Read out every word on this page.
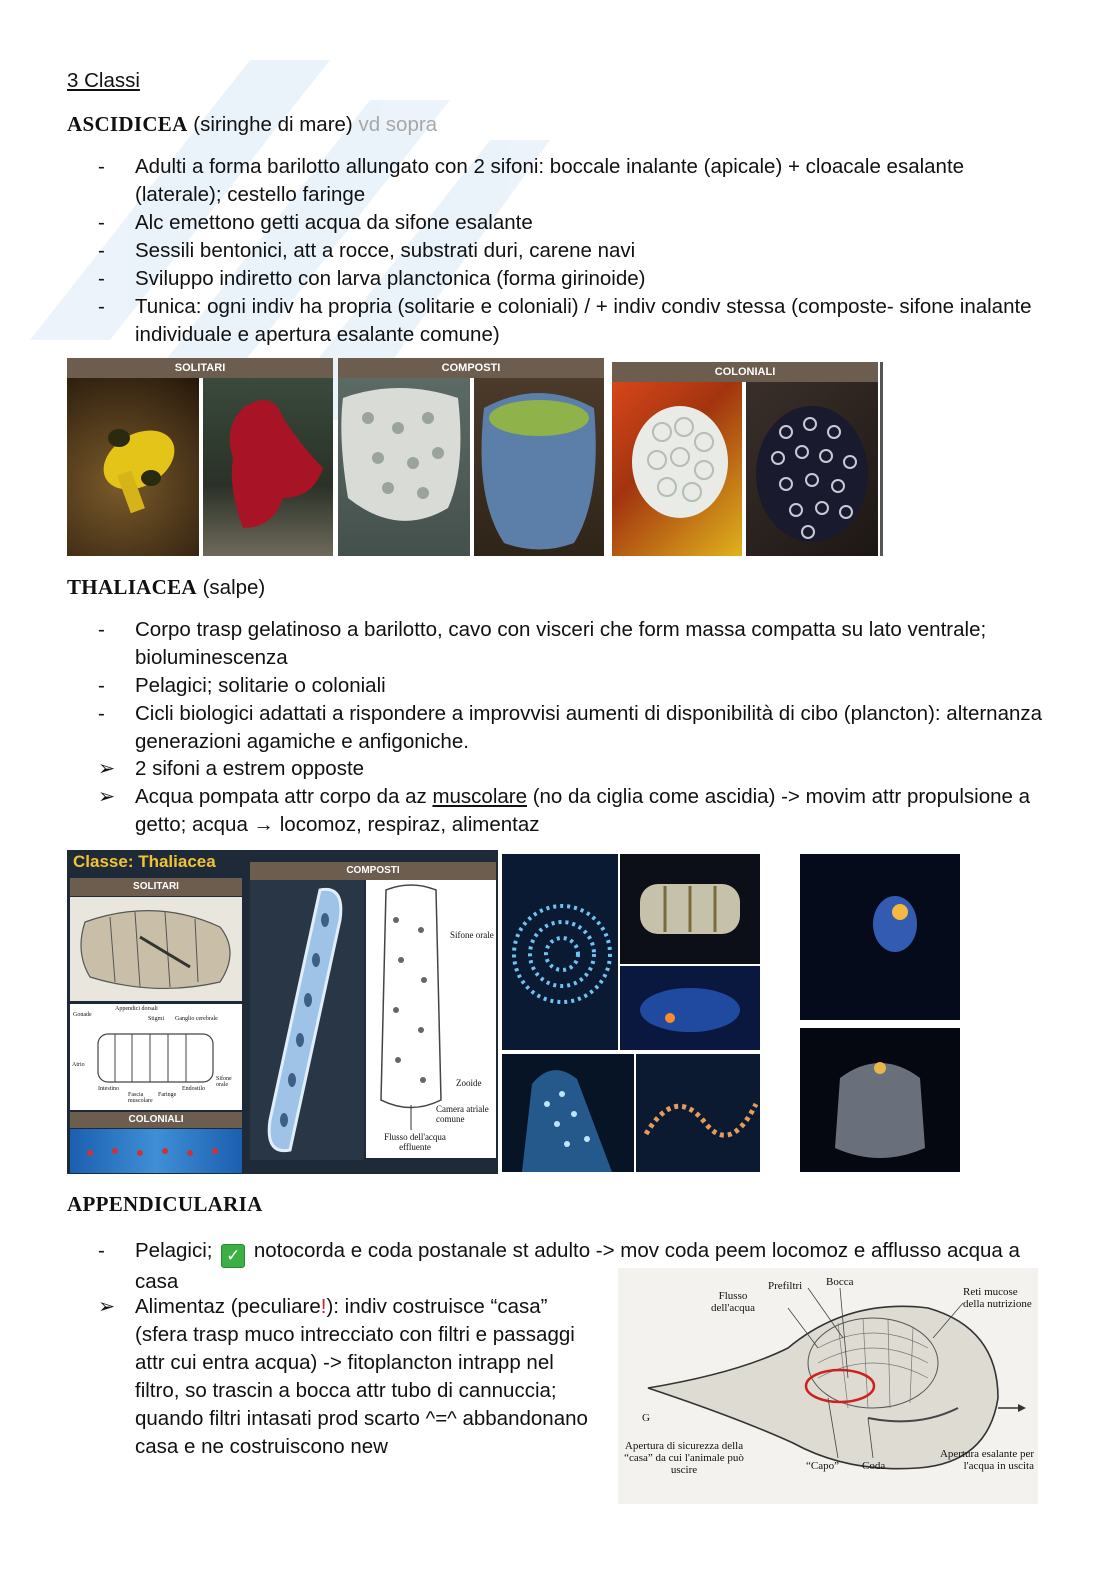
3 Classi
ASCIDICEA (siringhe di mare) vd sopra
- Adulti a forma barilotto allungato con 2 sifoni: boccale inalante (apicale) + cloacale esalante (laterale); cestello faringe
- Alc emettono getti acqua da sifone esalante
- Sessili bentonici, att a rocce, substrati duri, carene navi
- Sviluppo indiretto con larva planctonica (forma girinoide)
- Tunica: ogni indiv ha propria (solitarie e coloniali) / + indiv condiv stessa (composte- sifone inalante individuale e apertura esalante comune)
SOLITARI	COMPOSTI	COLONIALI
THALIACEA (salpe)
- Corpo trasp gelatinoso a barilotto, cavo con visceri che form massa compatta su lato ventrale; bioluminescenza
- Pelagici; solitarie o coloniali
- Cicli biologici adattati a rispondere a improvvisi aumenti di disponibilità di cibo (plancton): alternanza generazioni agamiche e anfigoniche.
➢ 2 sifoni a estrem opposte
➢ Acqua pompata attr corpo da az muscolare (no da ciglia come ascidia) -> movim attr propulsione a getto; acqua → locomoz, respiraz, alimentaz
Classe: Thaliacea
SOLITARI
COMPOSTI
Gonade
Appendici dorsali
Stigmi Ganglio cerebrale
Atrio
Intestino
Fascia muscolare
Faringe
Endostilo
Sifone orale
COLONIALI
Sifone orale
Zooide
Camera atriale comune
Flusso dell'acqua effluente
APPENDICULARIA
- Pelagici; ✓ notocorda e coda postanale st adulto -> mov coda peem locomoz e afflusso acqua a casa
➢ Alimentaz (peculiare!): indiv costruisce “casa” (sfera trasp muco intrecciato con filtri e passaggi attr cui entra acqua) -> fitoplancton intrapp nel filtro, so trascin a bocca attr tubo di cannuccia; quando filtri intasati prod scarto ^=^ abbandonano casa e ne costruiscono new
Flusso dell'acqua
Prefiltri Bocca
Reti mucose della nutrizione
G
Apertura di sicurezza della “casa” da cui l'animale può uscire	“Capo” Coda
Apertura esalante per l'acqua in uscita
